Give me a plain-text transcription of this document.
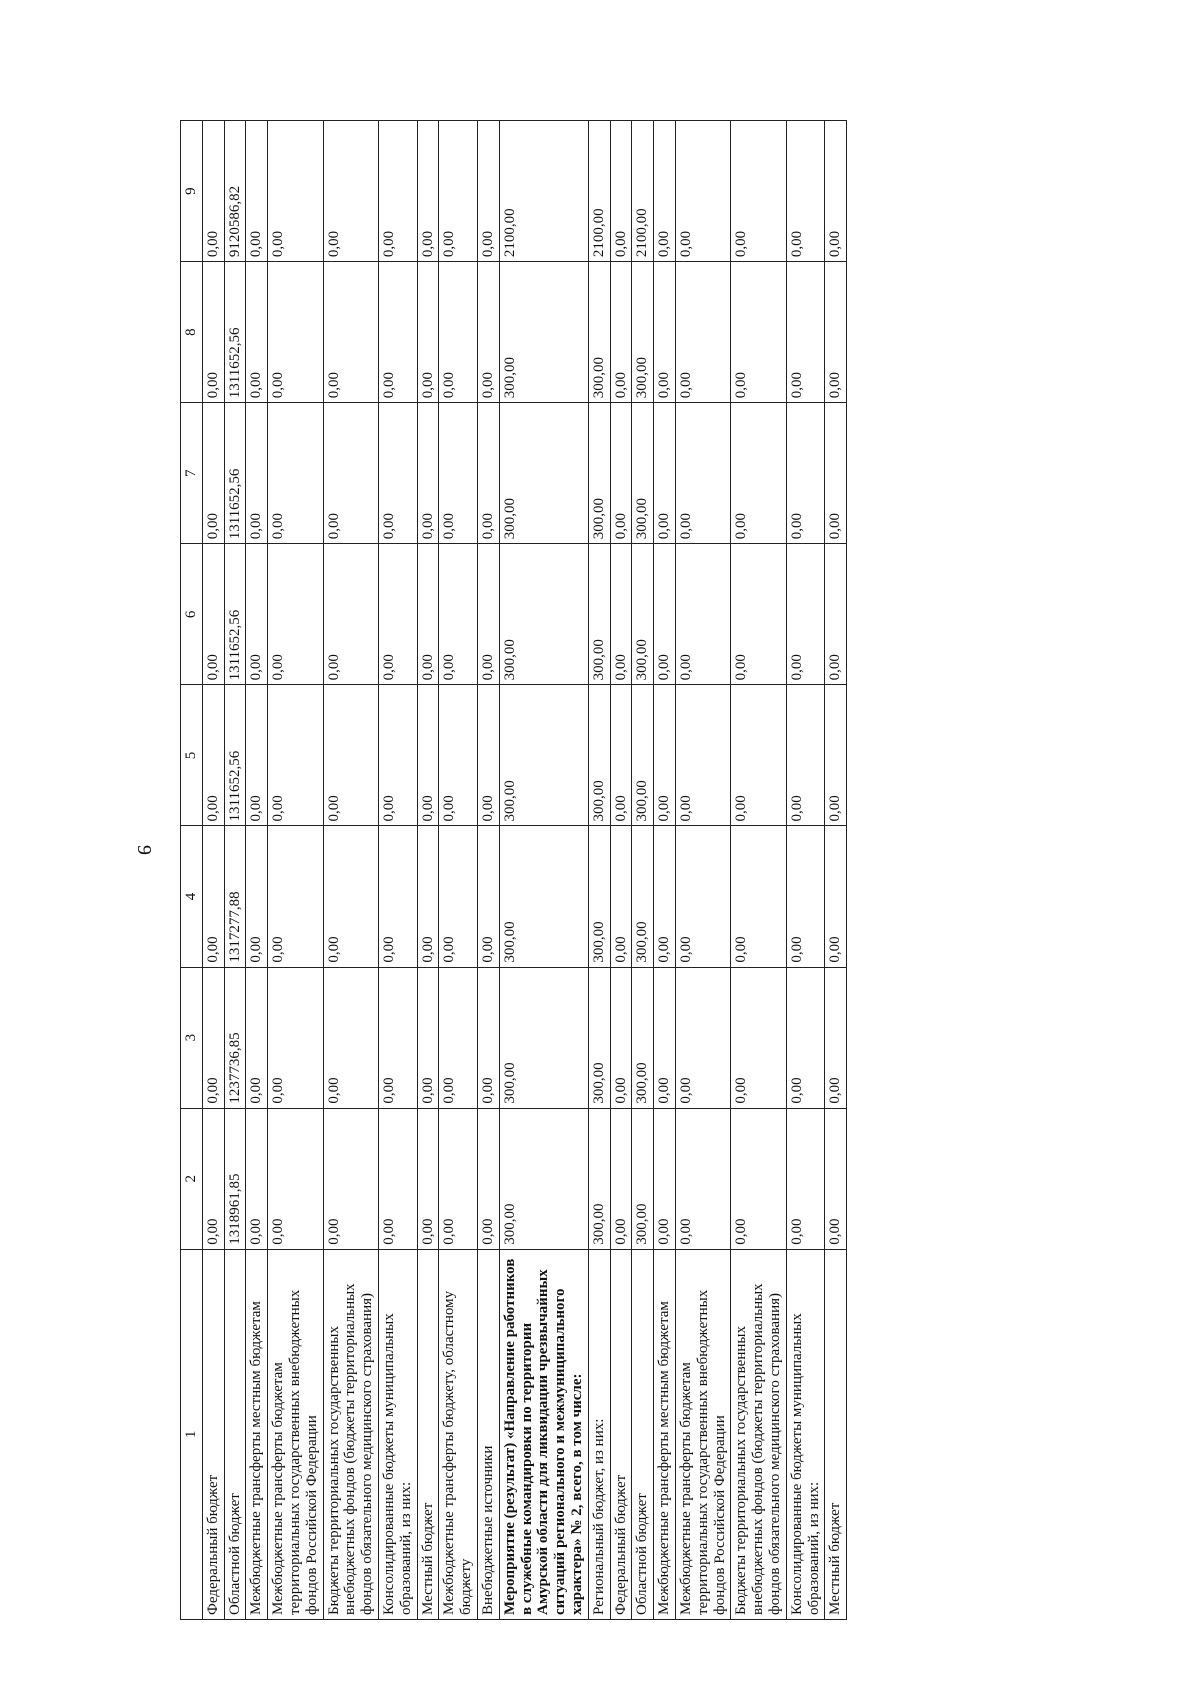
9
1	2	3	4	5	6	7	8	9
Федеральный бюджет	0,00	0,00	0,00	0,00	0,00	0,00	0,00	0,00
Областной бюджет	1318961,85	1237736,85	1317277,88	1311652,56	1311652,56	1311652,56	1311652,56	9120586,82
Межбюджетные трансферты местным бюджетам	0,00	0,00	0,00	0,00	0,00	0,00	0,00	0,00
Межбюджетные трансферты бюджетам территориальных государственных внебюджетных фондов Российской Федерации	0,00	0,00	0,00	0,00	0,00	0,00	0,00	0,00
Бюджеты территориальных государственных внебюджетных фондов (бюджеты территориальных фондов обязательного медицинского страхования)	0,00	0,00	0,00	0,00	0,00	0,00	0,00	0,00
Консолидированные бюджеты муниципальных образований, из них:	0,00	0,00	0,00	0,00	0,00	0,00	0,00	0,00
Местный бюджет	0,00	0,00	0,00	0,00	0,00	0,00	0,00	0,00
Межбюджетные трансферты бюджету, областному бюджету	0,00	0,00	0,00	0,00	0,00	0,00	0,00	0,00
Внебюджетные источники	0,00	0,00	0,00	0,00	0,00	0,00	0,00	0,00
Мероприятие (результат) «Направление работников в служебные командировки по территории Амурской области для ликвидации чрезвычайных ситуаций регионального и межмуниципального характера» № 2, всего, в том числе:	300,00	300,00	300,00	300,00	300,00	300,00	300,00	2100,00
Региональный бюджет, из них:	300,00	300,00	300,00	300,00	300,00	300,00	300,00	2100,00
Федеральный бюджет	0,00	0,00	0,00	0,00	0,00	0,00	0,00	0,00
Областной бюджет	300,00	300,00	300,00	300,00	300,00	300,00	300,00	2100,00
Межбюджетные трансферты местным бюджетам	0,00	0,00	0,00	0,00	0,00	0,00	0,00	0,00
Межбюджетные трансферты бюджетам территориальных государственных внебюджетных фондов Российской Федерации	0,00	0,00	0,00	0,00	0,00	0,00	0,00	0,00
Бюджеты территориальных государственных внебюджетных фондов (бюджеты территориальных фондов обязательного медицинского страхования)	0,00	0,00	0,00	0,00	0,00	0,00	0,00	0,00
Консолидированные бюджеты муниципальных образований, из них:	0,00	0,00	0,00	0,00	0,00	0,00	0,00	0,00
Местный бюджет	0,00	0,00	0,00	0,00	0,00	0,00	0,00	0,00
